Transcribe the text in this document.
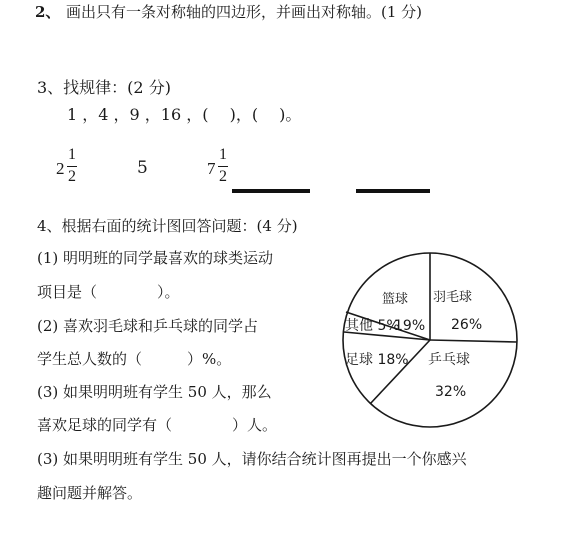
2、 画出只有一条对称轴的四边形，并画出对称轴。(1 分)
3、找规律：(2 分)
1 ，4 ，9 ，16 ，(　 )，(　 )。
2
1
2	5	7
1
2
4、根据右面的统计图回答问题：(4 分)
(1) 明明班的同学最喜欢的球类运动
项目是（　　　　）。
(2) 喜欢羽毛球和乒乓球的同学占
学生总人数的（　　　）%。
(3) 如果明明班有学生 50 人，那么
喜欢足球的同学有（　　　　）人。
(3) 如果明明班有学生 50 人，请你结合统计图再提出一个你感兴
趣问题并解答。
篮球
19%
羽毛球
26%
其他 5%
足球 18% 乒乓球
32%
